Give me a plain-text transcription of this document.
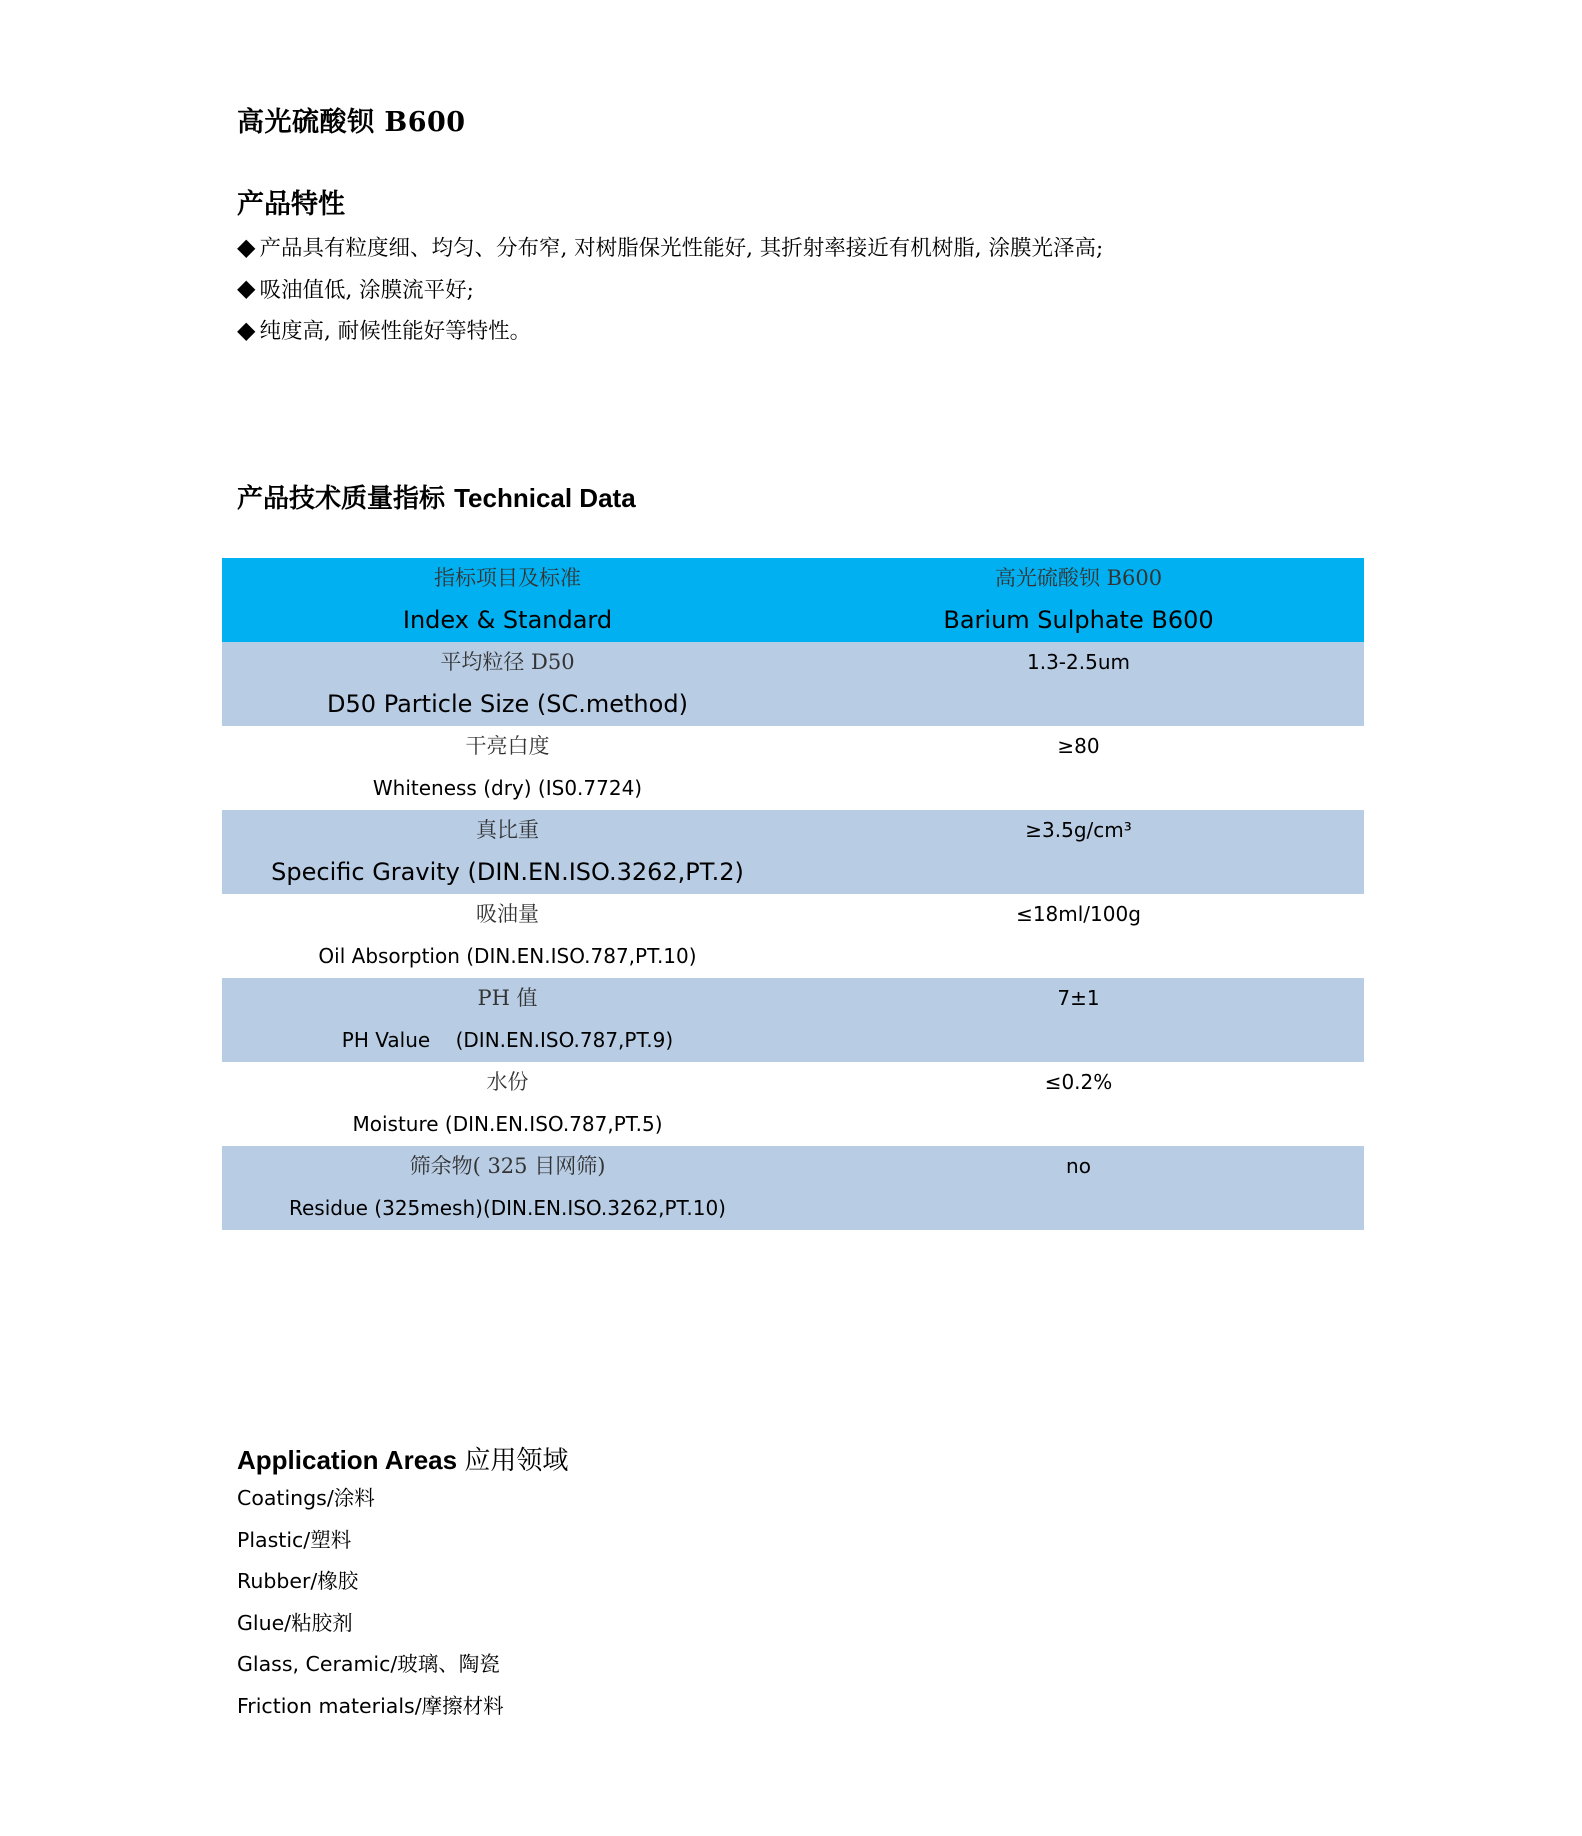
高光硫酸钡 B600
产品特性
◆ 产品具有粒度细、均匀、分布窄, 对树脂保光性能好, 其折射率接近有机树脂, 涂膜光泽高;
◆ 吸油值低, 涂膜流平好;
◆ 纯度高, 耐候性能好等特性。
产品技术质量指标 Technical Data
指标项目及标准
Index & Standard	高光硫酸钡 B600
Barium Sulphate B600

平均粒径 D50
D50 Particle Size (SC.method)	1.3-2.5um

干亮白度
Whiteness (dry) (IS0.7724)	≥80

真比重
Specific Gravity (DIN.EN.ISO.3262,PT.2)	≥3.5g/cm³

吸油量
Oil Absorption (DIN.EN.ISO.787,PT.10)	≤18ml/100g

PH 值
PH Value    (DIN.EN.ISO.787,PT.9)	7±1

水份
Moisture (DIN.EN.ISO.787,PT.5)	≤0.2%

筛余物( 325 目网筛)
Residue (325mesh)(DIN.EN.ISO.3262,PT.10)	no
Application Areas 应用领域
Coatings/涂料
Plastic/塑料
Rubber/橡胶
Glue/粘胶剂
Glass, Ceramic/玻璃、陶瓷
Friction materials/摩擦材料
